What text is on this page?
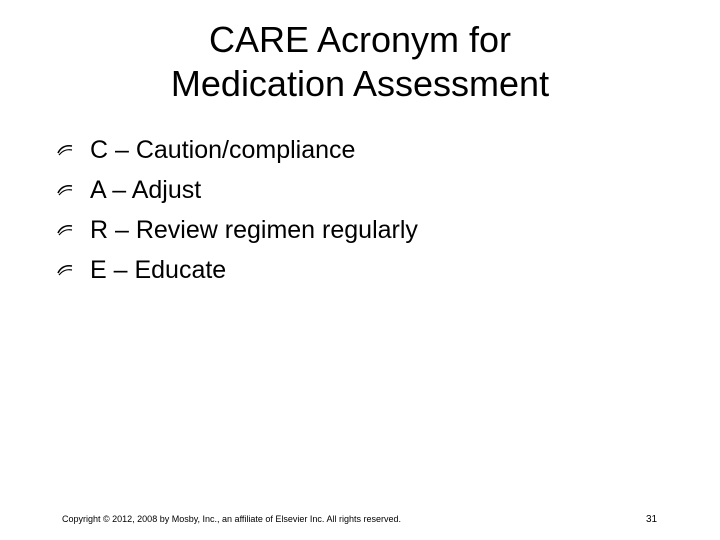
CARE Acronym for
Medication Assessment
C – Caution/compliance
A – Adjust
R – Review regimen regularly
E – Educate
Copyright © 2012, 2008 by Mosby, Inc., an affiliate of Elsevier Inc. All rights reserved.	31
